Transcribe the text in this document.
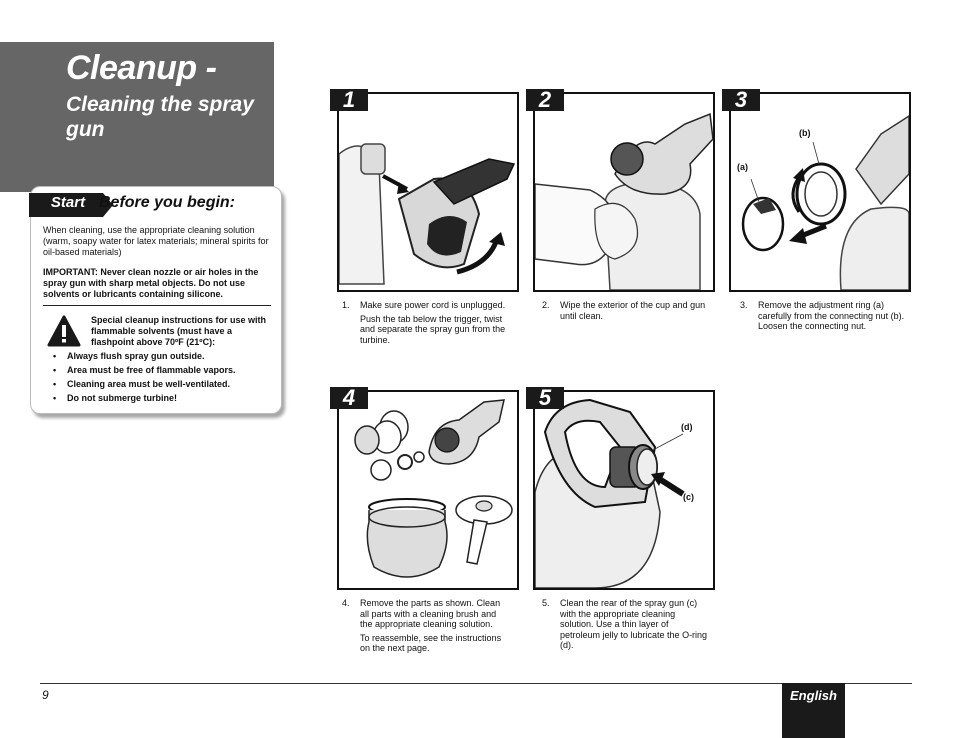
Cleanup -
Cleaning the spray gun
Start Before you begin:
When cleaning, use the appropriate cleaning solution (warm, soapy water for latex materials; mineral spirits for oil-based materials)
IMPORTANT: Never clean nozzle or air holes in the spray gun with sharp metal objects. Do not use solvents or lubricants containing silicone.
Special cleanup instructions for use with flammable solvents (must have a flashpoint above 70ºF (21ºC):
• Always flush spray gun outside.
• Area must be free of flammable vapors.
• Cleaning area must be well-ventilated.
• Do not submerge turbine!
1
1. Make sure power cord is unplugged.
Push the tab below the trigger, twist and separate the spray gun from the turbine.
2
2. Wipe the exterior of the cup and gun until clean.
(a)
(b)
3
3. Remove the adjustment ring (a) carefully from the connecting nut (b). Loosen the connecting nut.
4
4. Remove the parts as shown. Clean all parts with a cleaning brush and the appropriate cleaning solution.
To reassemble, see the instructions on the next page.
(d)
(c)
5
5. Clean the rear of the spray gun (c) with the appropriate cleaning solution. Use a thin layer of petroleum jelly to lubricate the O-ring (d).
9	English
